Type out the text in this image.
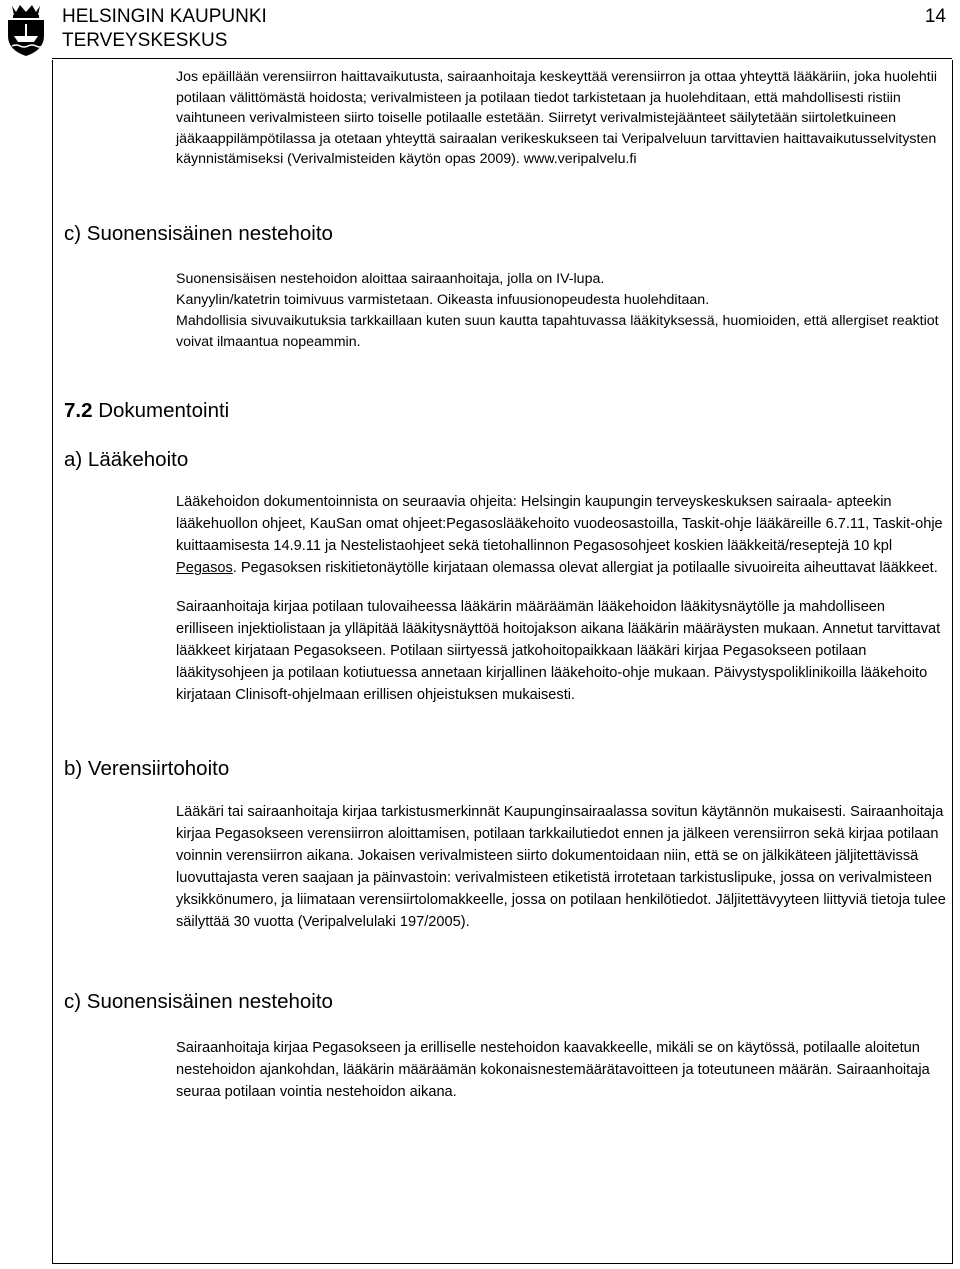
HELSINGIN KAUPUNKI
TERVEYSKESKUS
14

Jos epäillään verensiirron haittavaikutusta, sairaanhoitaja keskeyttää verensiirron ja ottaa yhteyttä lääkäriin, joka huolehtii potilaan välittömästä hoidosta; verivalmisteen ja potilaan tiedot tarkistetaan ja huolehditaan, että mahdollisesti ristiin vaihtuneen verivalmisteen siirto toiselle potilaalle estetään. Siirretyt verivalmistejäänteet säilytetään siirtoletkuineen jääkaappilämpötilassa ja otetaan yhteyttä sairaalan verikeskukseen tai Veripalveluun tarvittavien haittavaikutusselvitysten käynnistämiseksi (Verivalmisteiden käytön opas 2009). www.veripalvelu.fi

c) Suonensisäinen nestehoito

Suonensisäisen nestehoidon aloittaa sairaanhoitaja, jolla on IV-lupa.

Kanyylin/katetrin toimivuus varmistetaan. Oikeasta infuusionopeudesta huolehditaan.

Mahdollisia sivuvaikutuksia tarkkaillaan kuten suun kautta tapahtuvassa lääkityksessä, huomioiden, että allergiset reaktiot voivat ilmaantua nopeammin.

7.2 Dokumentointi
a) Lääkehoito

Lääkehoidon dokumentoinnista on seuraavia ohjeita: Helsingin kaupungin terveyskeskuksen sairaala- apteekin lääkehuollon ohjeet, KauSan omat ohjeet:Pegasoslääkehoito vuodeosastoilla, Taskit-ohje lääkäreille 6.7.11, Taskit-ohje kuittaamisesta 14.9.11 ja Nestelistaohjeet sekä tietohallinnon Pegasosohjeet koskien lääkkeitä/reseptejä 10 kpl Pegasos. Pegasoksen riskitietonäytölle kirjataan olemassa olevat allergiat ja potilaalle sivuoireita aiheuttavat lääkkeet.

Sairaanhoitaja kirjaa potilaan tulovaiheessa lääkärin määräämän lääkehoidon lääkitysnäytölle ja mahdolliseen erilliseen injektiolistaan ja ylläpitää lääkitysnäyttöä hoitojakson aikana lääkärin määräysten mukaan. Annetut tarvittavat lääkkeet kirjataan Pegasokseen. Potilaan siirtyessä jatkohoitopaikkaan lääkäri kirjaa Pegasokseen potilaan lääkitysohjeen ja potilaan kotiutuessa annetaan kirjallinen lääkehoito-ohje mukaan. Päivystyspoliklinikoilla lääkehoito kirjataan Clinisoft-ohjelmaan erillisen ohjeistuksen mukaisesti.

b) Verensiirtohoito

Lääkäri tai sairaanhoitaja kirjaa tarkistusmerkinnät Kaupunginsairaalassa sovitun käytännön mukaisesti. Sairaanhoitaja kirjaa Pegasokseen verensiirron aloittamisen, potilaan tarkkailutiedot ennen ja jälkeen verensiirron sekä kirjaa potilaan voinnin verensiirron aikana. Jokaisen verivalmisteen siirto dokumentoidaan niin, että se on jälkikäteen jäljitettävissä luovuttajasta veren saajaan ja päinvastoin: verivalmisteen etiketistä irrotetaan tarkistuslipuke, jossa on verivalmisteen yksikkönumero, ja liimataan verensiirtolomakkeelle, jossa on potilaan henkilötiedot. Jäljitettävyyteen liittyviä tietoja tulee säilyttää 30 vuotta (Veripalvelulaki 197/2005).

c) Suonensisäinen nestehoito

Sairaanhoitaja kirjaa Pegasokseen ja erilliselle nestehoidon kaavakkeelle, mikäli se on käytössä, potilaalle aloitetun nestehoidon ajankohdan, lääkärin määräämän kokonaisnestemäärätavoitteen ja toteutuneen määrän. Sairaanhoitaja seuraa potilaan vointia nestehoidon aikana.
